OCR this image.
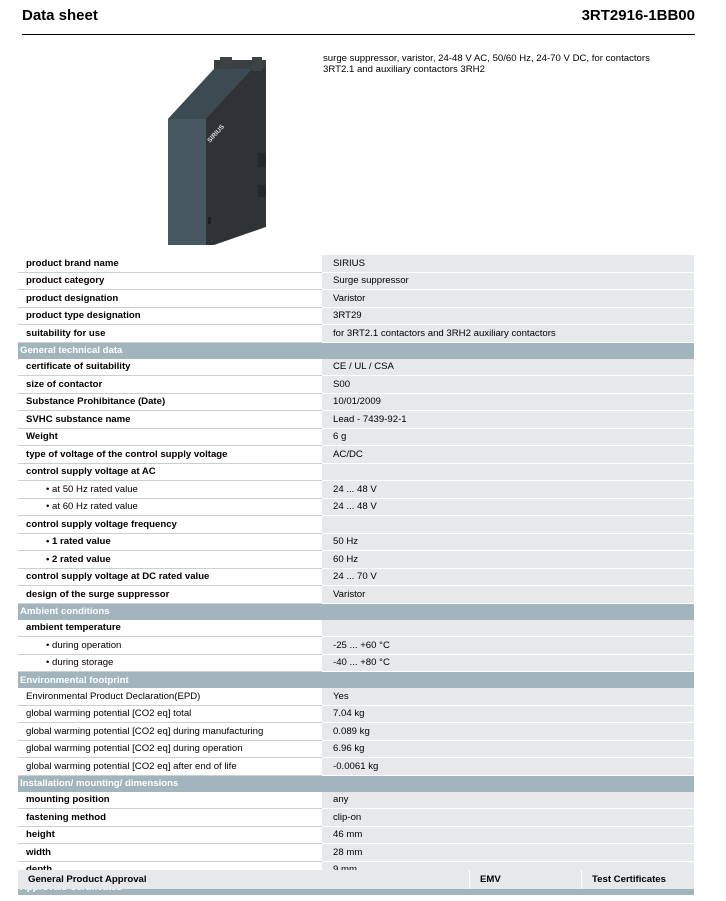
Data sheet	3RT2916-1BB00
SIRIUS
surge suppressor, varistor, 24-48 V AC, 50/60 Hz, 24-70 V DC, for contactors 3RT2.1 and auxiliary contactors 3RH2
product brand name	SIRIUS
product category	Surge suppressor
product designation	Varistor
product type designation	3RT29
suitability for use	for 3RT2.1 contactors and 3RH2 auxiliary contactors
General technical data	
certificate of suitability	CE / UL / CSA
size of contactor	S00
Substance Prohibitance (Date)	10/01/2009
SVHC substance name	Lead - 7439-92-1
Weight	6 g
type of voltage of the control supply voltage	AC/DC
control supply voltage at AC	
• at 50 Hz rated value	24 ... 48 V
• at 60 Hz rated value	24 ... 48 V
control supply voltage frequency	
• 1 rated value	50 Hz
• 2 rated value	60 Hz
control supply voltage at DC rated value	24 ... 70 V
design of the surge suppressor	Varistor
Ambient conditions	
ambient temperature	
• during operation	-25 ... +60 °C
• during storage	-40 ... +80 °C
Environmental footprint	
Environmental Product Declaration(EPD)	Yes
global warming potential [CO2 eq] total	7.04 kg
global warming potential [CO2 eq] during manufacturing	0.089 kg
global warming potential [CO2 eq] during operation	6.96 kg
global warming potential [CO2 eq] after end of life	-0.0061 kg
Installation/ mounting/ dimensions	
mounting position	any
fastening method	clip-on
height	46 mm
width	28 mm

General Product Approval	EMV	Test Certificates
